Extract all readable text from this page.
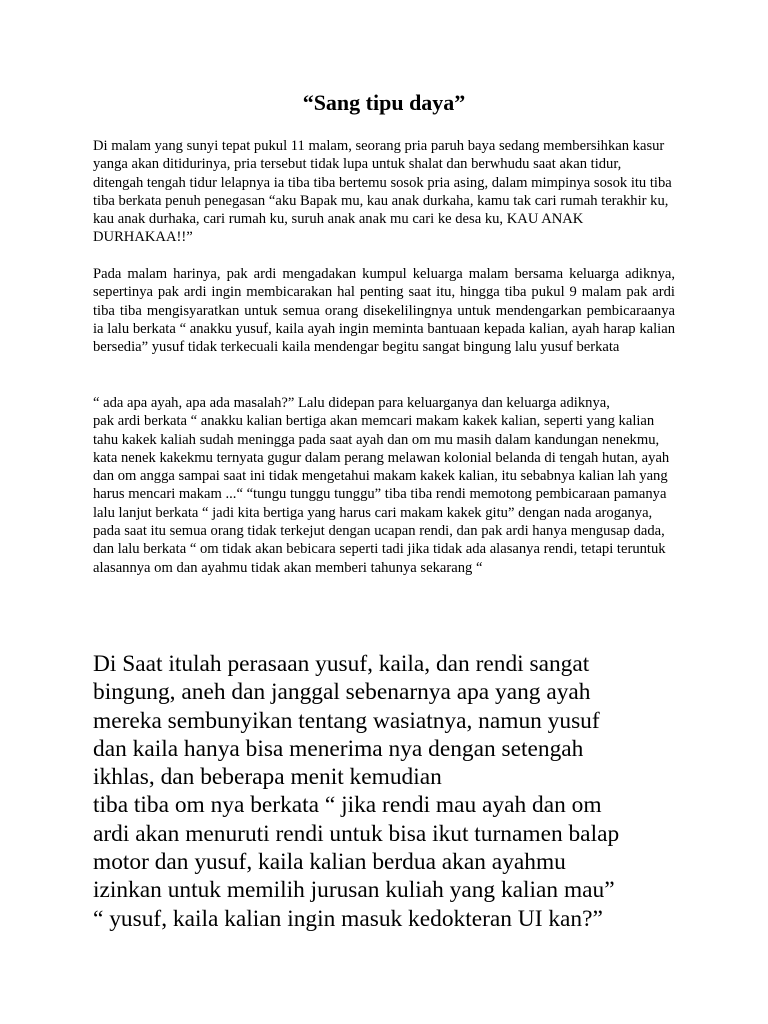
“Sang tipu daya”

Di malam yang sunyi tepat pukul 11 malam, seorang pria paruh baya sedang membersihkan kasur yanga akan ditidurinya, pria tersebut tidak lupa untuk shalat dan berwhudu saat akan tidur, ditengah tengah tidur lelapnya ia tiba tiba bertemu sosok pria asing, dalam mimpinya sosok itu tiba tiba berkata penuh penegasan “aku Bapak mu, kau anak durkaha, kamu tak cari rumah terakhir ku, kau anak durhaka, cari rumah ku, suruh anak anak mu cari ke desa ku, KAU ANAK DURHAKAA!!”

Pada malam harinya, pak ardi mengadakan kumpul keluarga malam bersama keluarga adiknya, sepertinya pak ardi ingin membicarakan hal penting saat itu, hingga tiba pukul 9 malam pak ardi tiba tiba mengisyaratkan untuk semua orang disekelilingnya untuk mendengarkan pembicaraanya ia lalu berkata “ anakku yusuf, kaila ayah ingin meminta bantuaan kepada kalian, ayah harap kalian bersedia” yusuf tidak terkecuali kaila mendengar begitu sangat bingung lalu yusuf berkata

“ ada apa ayah, apa ada masalah?” Lalu didepan para keluarganya dan keluarga adiknya,
pak ardi berkata “ anakku kalian bertiga akan memcari makam kakek kalian, seperti yang kalian tahu kakek kaliah sudah meningga pada saat ayah dan om mu masih dalam kandungan nenekmu, kata nenek kakekmu ternyata gugur dalam perang melawan kolonial belanda di tengah hutan, ayah dan om angga sampai saat ini tidak mengetahui makam kakek kalian, itu sebabnya kalian lah yang harus mencari makam ...“ “tungu tunggu tunggu” tiba tiba rendi memotong pembicaraan pamanya lalu lanjut berkata “ jadi kita bertiga yang harus cari makam kakek gitu” dengan nada aroganya, pada saat itu semua orang tidak terkejut dengan ucapan rendi, dan pak ardi hanya mengusap dada,
dan lalu berkata “ om tidak akan bebicara seperti tadi jika tidak ada alasanya rendi, tetapi teruntuk alasannya om dan ayahmu tidak akan memberi tahunya sekarang “
Di Saat itulah perasaan yusuf, kaila, dan rendi sangat
bingung, aneh dan janggal sebenarnya apa yang ayah
mereka sembunyikan tentang wasiatnya, namun yusuf
dan kaila hanya bisa menerima nya dengan setengah
ikhlas, dan beberapa menit kemudian
tiba tiba om nya berkata “ jika rendi mau ayah dan om
ardi akan menuruti rendi untuk bisa ikut turnamen balap
motor dan yusuf, kaila kalian berdua akan ayahmu
izinkan untuk memilih jurusan kuliah yang kalian mau”
“ yusuf, kaila kalian ingin masuk kedokteran UI kan?”
